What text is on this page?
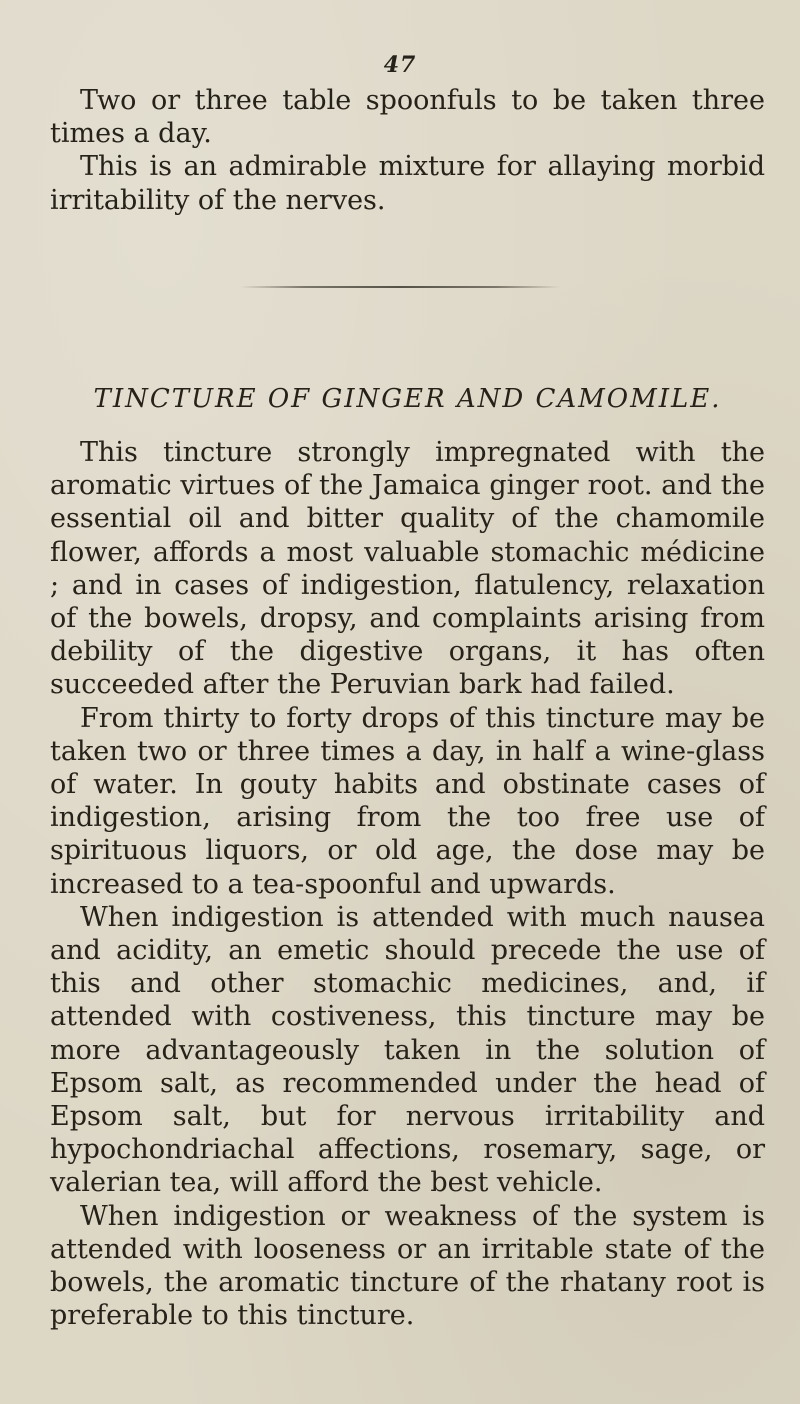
47

Two or three table spoonfuls to be taken three times a day.

This is an admirable mixture for allaying morbid irritability of the nerves.

TINCTURE OF GINGER AND CAMOMILE.

This tincture strongly impregnated with the aromatic virtues of the Jamaica ginger root. and the essential oil and bitter quality of the chamomile flower, affords a most valuable stomachic médicine ; and in cases of indigestion, flatulency, relaxation of the bowels, dropsy, and complaints arising from debility of the digestive organs, it has often succeeded after the Peruvian bark had failed.

From thirty to forty drops of this tincture may be taken two or three times a day, in half a wine-glass of water. In gouty habits and obstinate cases of indigestion, arising from the too free use of spirituous liquors, or old age, the dose may be increased to a tea-spoonful and upwards.

When indigestion is attended with much nausea and acidity, an emetic should precede the use of this and other stomachic medicines, and, if attended with costiveness, this tincture may be more advantageously taken in the solution of Epsom salt, as recommended under the head of Epsom salt, but for nervous irritability and hypochondriachal affections, rosemary, sage, or valerian tea, will afford the best vehicle.

When indigestion or weakness of the system is attended with looseness or an irritable state of the bowels, the aromatic tincture of the rhatany root is preferable to this tincture.
